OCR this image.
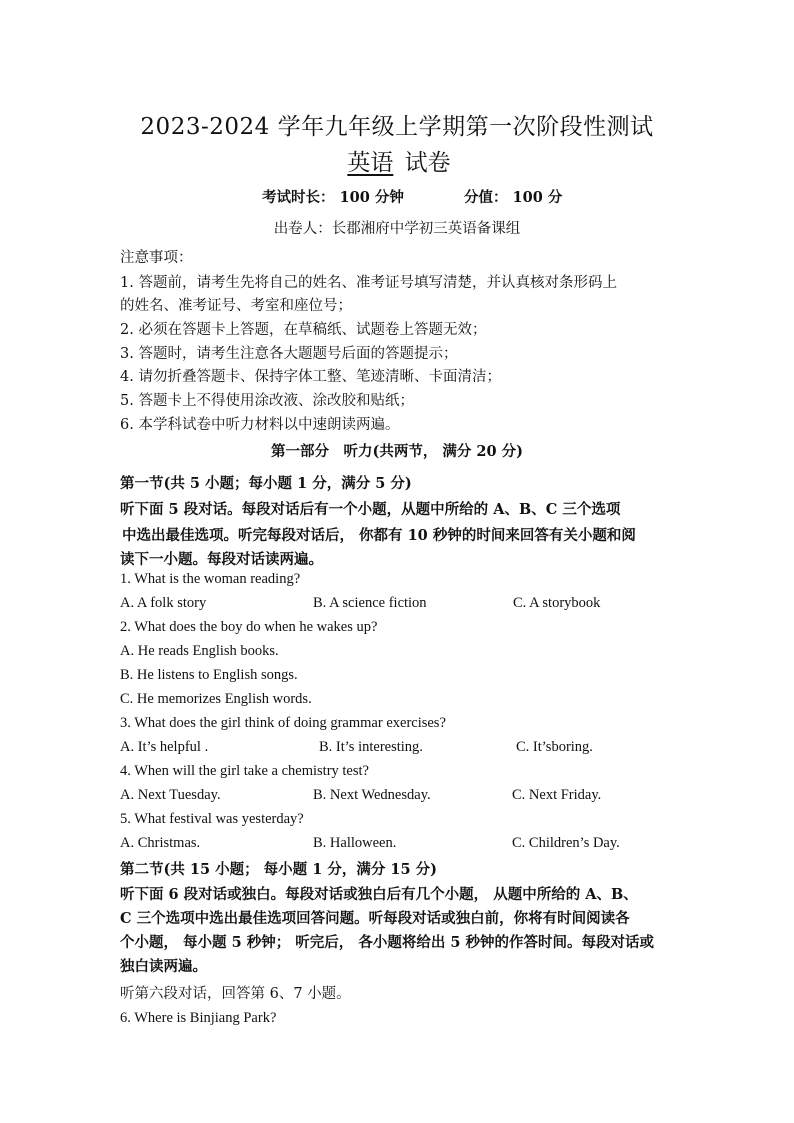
2023-2024 学年九年级上学期第一次阶段性测试
英语 试卷
考试时长： 100 分钟	分值： 100 分
出卷人：长郡湘府中学初三英语备课组
注意事项：
1. 答题前，请考生先将自己的姓名、准考证号填写清楚，并认真核对条形码上
的姓名、准考证号、考室和座位号；
2. 必须在答题卡上答题，在草稿纸、试题卷上答题无效；
3. 答题时，请考生注意各大题题号后面的答题提示；
4. 请勿折叠答题卡、保持字体工整、笔迹清晰、卡面清洁；
5. 答题卡上不得使用涂改液、涂改胶和贴纸；
6. 本学科试卷中听力材料以中速朗读两遍。
第一部分　听力(共两节， 满分 20 分)
第一节(共 5 小题；每小题 1 分，满分 5 分)
听下面 5 段对话。每段对话后有一个小题，从题中所给的 A、B、C 三个选项
中选出最佳选项。听完每段对话后， 你都有 10 秒钟的时间来回答有关小题和阅
读下一小题。每段对话读两遍。
1. What is the woman reading?
A. A folk story	B. A science fiction	C. A storybook
2. What does the boy do when he wakes up?
A. He reads English books.
B. He listens to English songs.
C. He memorizes English words.
3. What does the girl think of doing grammar exercises?
A. It’s helpful .	B. It’s interesting.	C. It’sboring.
4. When will the girl take a chemistry test?
A. Next Tuesday.	B. Next Wednesday.	C. Next Friday.
5. What festival was yesterday?
A. Christmas.	B. Halloween.	C. Children’s Day.
第二节(共 15 小题； 每小题 1 分，满分 15 分)
听下面 6 段对话或独白。每段对话或独白后有几个小题， 从题中所给的 A、B、
C 三个选项中选出最佳选项回答问题。听每段对话或独白前，你将有时间阅读各
个小题， 每小题 5 秒钟； 听完后， 各小题将给出 5 秒钟的作答时间。每段对话或
独白读两遍。
听第六段对话，回答第 6、7 小题。
6. Where is Binjiang Park?
